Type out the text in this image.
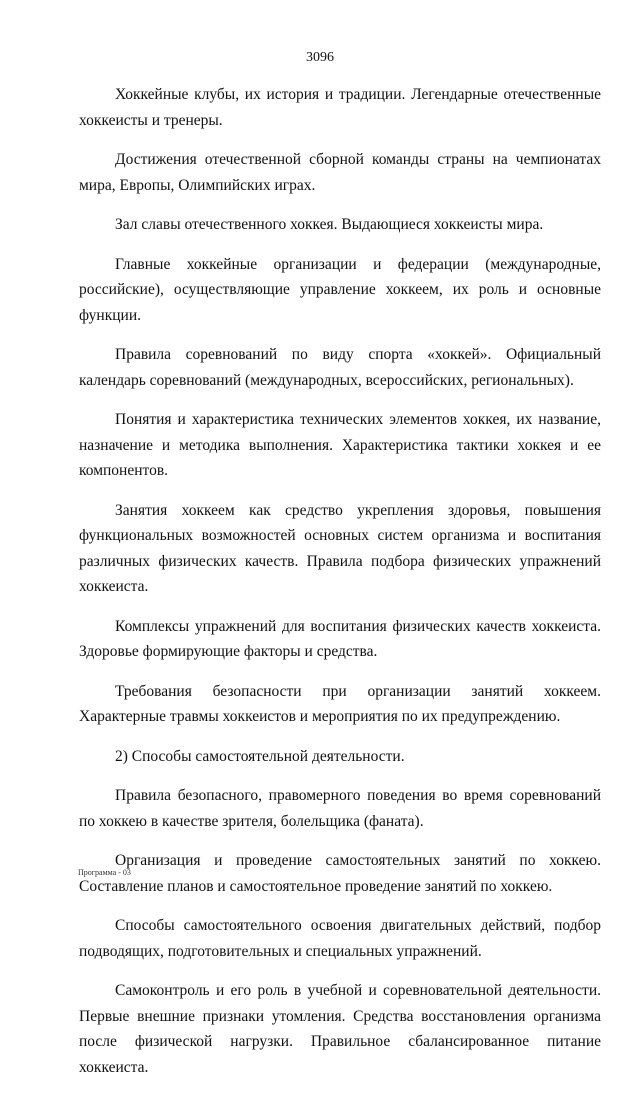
3096

Хоккейные клубы, их история и традиции. Легендарные отечественные хоккеисты и тренеры.

Достижения отечественной сборной команды страны на чемпионатах мира, Европы, Олимпийских играх.

Зал славы отечественного хоккея. Выдающиеся хоккеисты мира.

Главные хоккейные организации и федерации (международные, российские), осуществляющие управление хоккеем, их роль и основные функции.

Правила соревнований по виду спорта «хоккей». Официальный календарь соревнований (международных, всероссийских, региональных).

Понятия и характеристика технических элементов хоккея, их название, назначение и методика выполнения. Характеристика тактики хоккея и ее компонентов.

Занятия хоккеем как средство укрепления здоровья, повышения функциональных возможностей основных систем организма и воспитания различных физических качеств. Правила подбора физических упражнений хоккеиста.

Комплексы упражнений для воспитания физических качеств хоккеиста. Здоровье формирующие факторы и средства.

Требования безопасности при организации занятий хоккеем. Характерные травмы хоккеистов и мероприятия по их предупреждению.

2) Способы самостоятельной деятельности.

Правила безопасного, правомерного поведения во время соревнований по хоккею в качестве зрителя, болельщика (фаната).

Организация и проведение самостоятельных занятий по хоккею. Составление планов и самостоятельное проведение занятий по хоккею.

Способы самостоятельного освоения двигательных действий, подбор подводящих, подготовительных и специальных упражнений.

Самоконтроль и его роль в учебной и соревновательной деятельности. Первые внешние признаки утомления. Средства восстановления организма после физической нагрузки. Правильное сбалансированное питание хоккеиста.

Программа - 03
